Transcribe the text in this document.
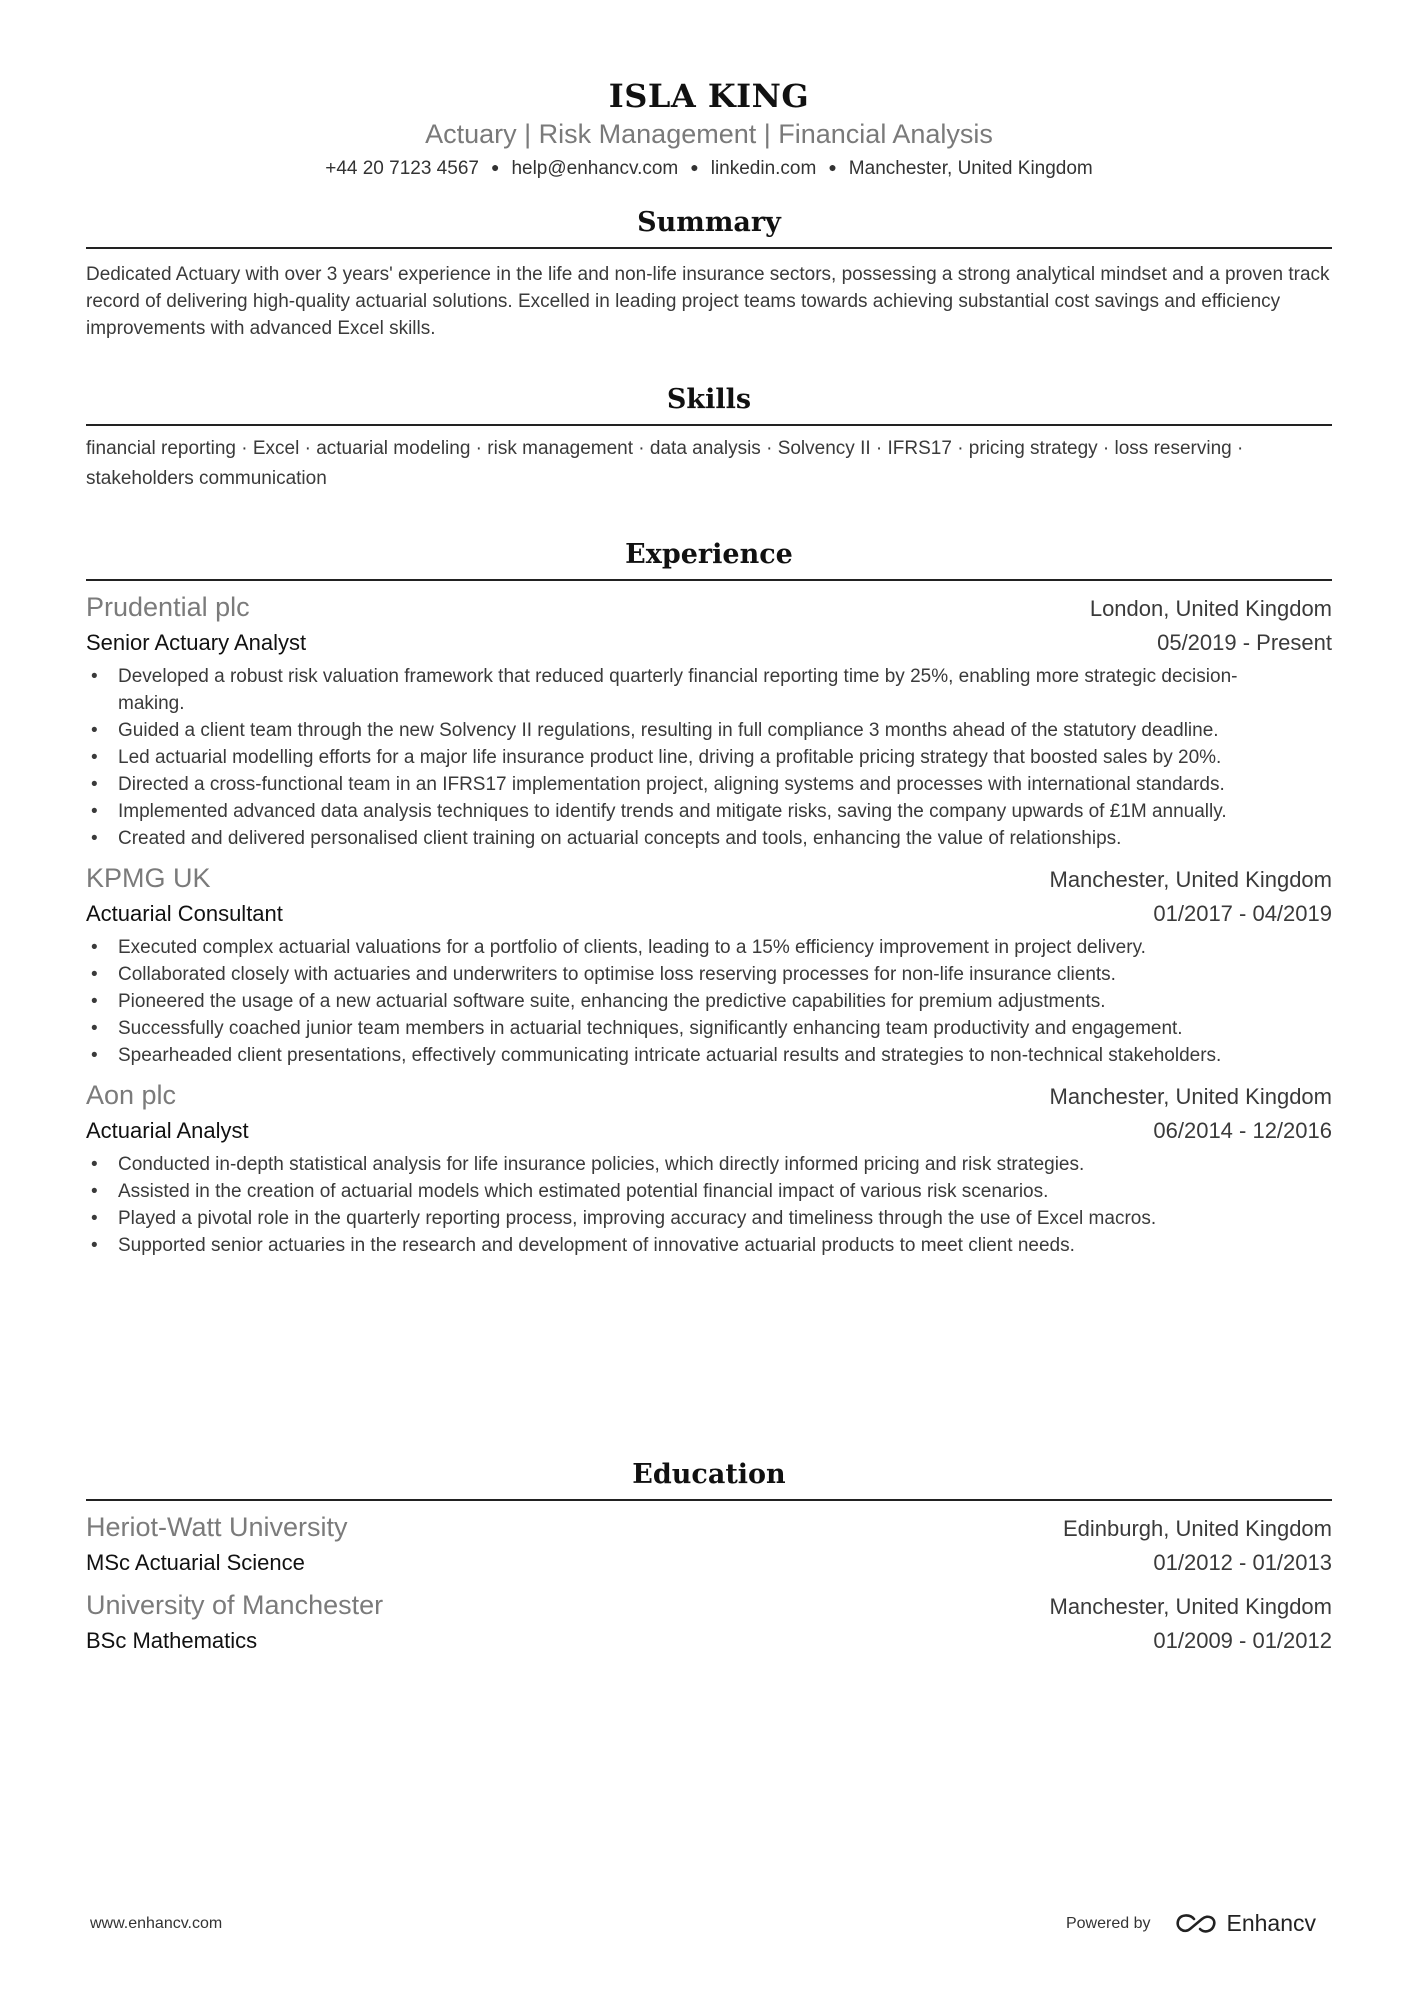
ISLA KING
Actuary | Risk Management | Financial Analysis
+44 20 7123 4567 ● help@enhancv.com ● linkedin.com ● Manchester, United Kingdom
Summary
Dedicated Actuary with over 3 years' experience in the life and non-life insurance sectors, possessing a strong analytical mindset and a proven track record of delivering high-quality actuarial solutions. Excelled in leading project teams towards achieving substantial cost savings and efficiency improvements with advanced Excel skills.
Skills
financial reporting · Excel · actuarial modeling · risk management · data analysis · Solvency II · IFRS17 · pricing strategy · loss reserving · stakeholders communication
Experience
Prudential plc	London, United Kingdom
Senior Actuary Analyst	05/2019 - Present
• Developed a robust risk valuation framework that reduced quarterly financial reporting time by 25%, enabling more strategic decision-making.
• Guided a client team through the new Solvency II regulations, resulting in full compliance 3 months ahead of the statutory deadline.
• Led actuarial modelling efforts for a major life insurance product line, driving a profitable pricing strategy that boosted sales by 20%.
• Directed a cross-functional team in an IFRS17 implementation project, aligning systems and processes with international standards.
• Implemented advanced data analysis techniques to identify trends and mitigate risks, saving the company upwards of £1M annually.
• Created and delivered personalised client training on actuarial concepts and tools, enhancing the value of relationships.
KPMG UK	Manchester, United Kingdom
Actuarial Consultant	01/2017 - 04/2019
• Executed complex actuarial valuations for a portfolio of clients, leading to a 15% efficiency improvement in project delivery.
• Collaborated closely with actuaries and underwriters to optimise loss reserving processes for non-life insurance clients.
• Pioneered the usage of a new actuarial software suite, enhancing the predictive capabilities for premium adjustments.
• Successfully coached junior team members in actuarial techniques, significantly enhancing team productivity and engagement.
• Spearheaded client presentations, effectively communicating intricate actuarial results and strategies to non-technical stakeholders.
Aon plc	Manchester, United Kingdom
Actuarial Analyst	06/2014 - 12/2016
• Conducted in-depth statistical analysis for life insurance policies, which directly informed pricing and risk strategies.
• Assisted in the creation of actuarial models which estimated potential financial impact of various risk scenarios.
• Played a pivotal role in the quarterly reporting process, improving accuracy and timeliness through the use of Excel macros.
• Supported senior actuaries in the research and development of innovative actuarial products to meet client needs.
Education
Heriot-Watt University	Edinburgh, United Kingdom
MSc Actuarial Science	01/2012 - 01/2013
University of Manchester	Manchester, United Kingdom
BSc Mathematics	01/2009 - 01/2012
www.enhancv.com	Powered by	Enhancv
